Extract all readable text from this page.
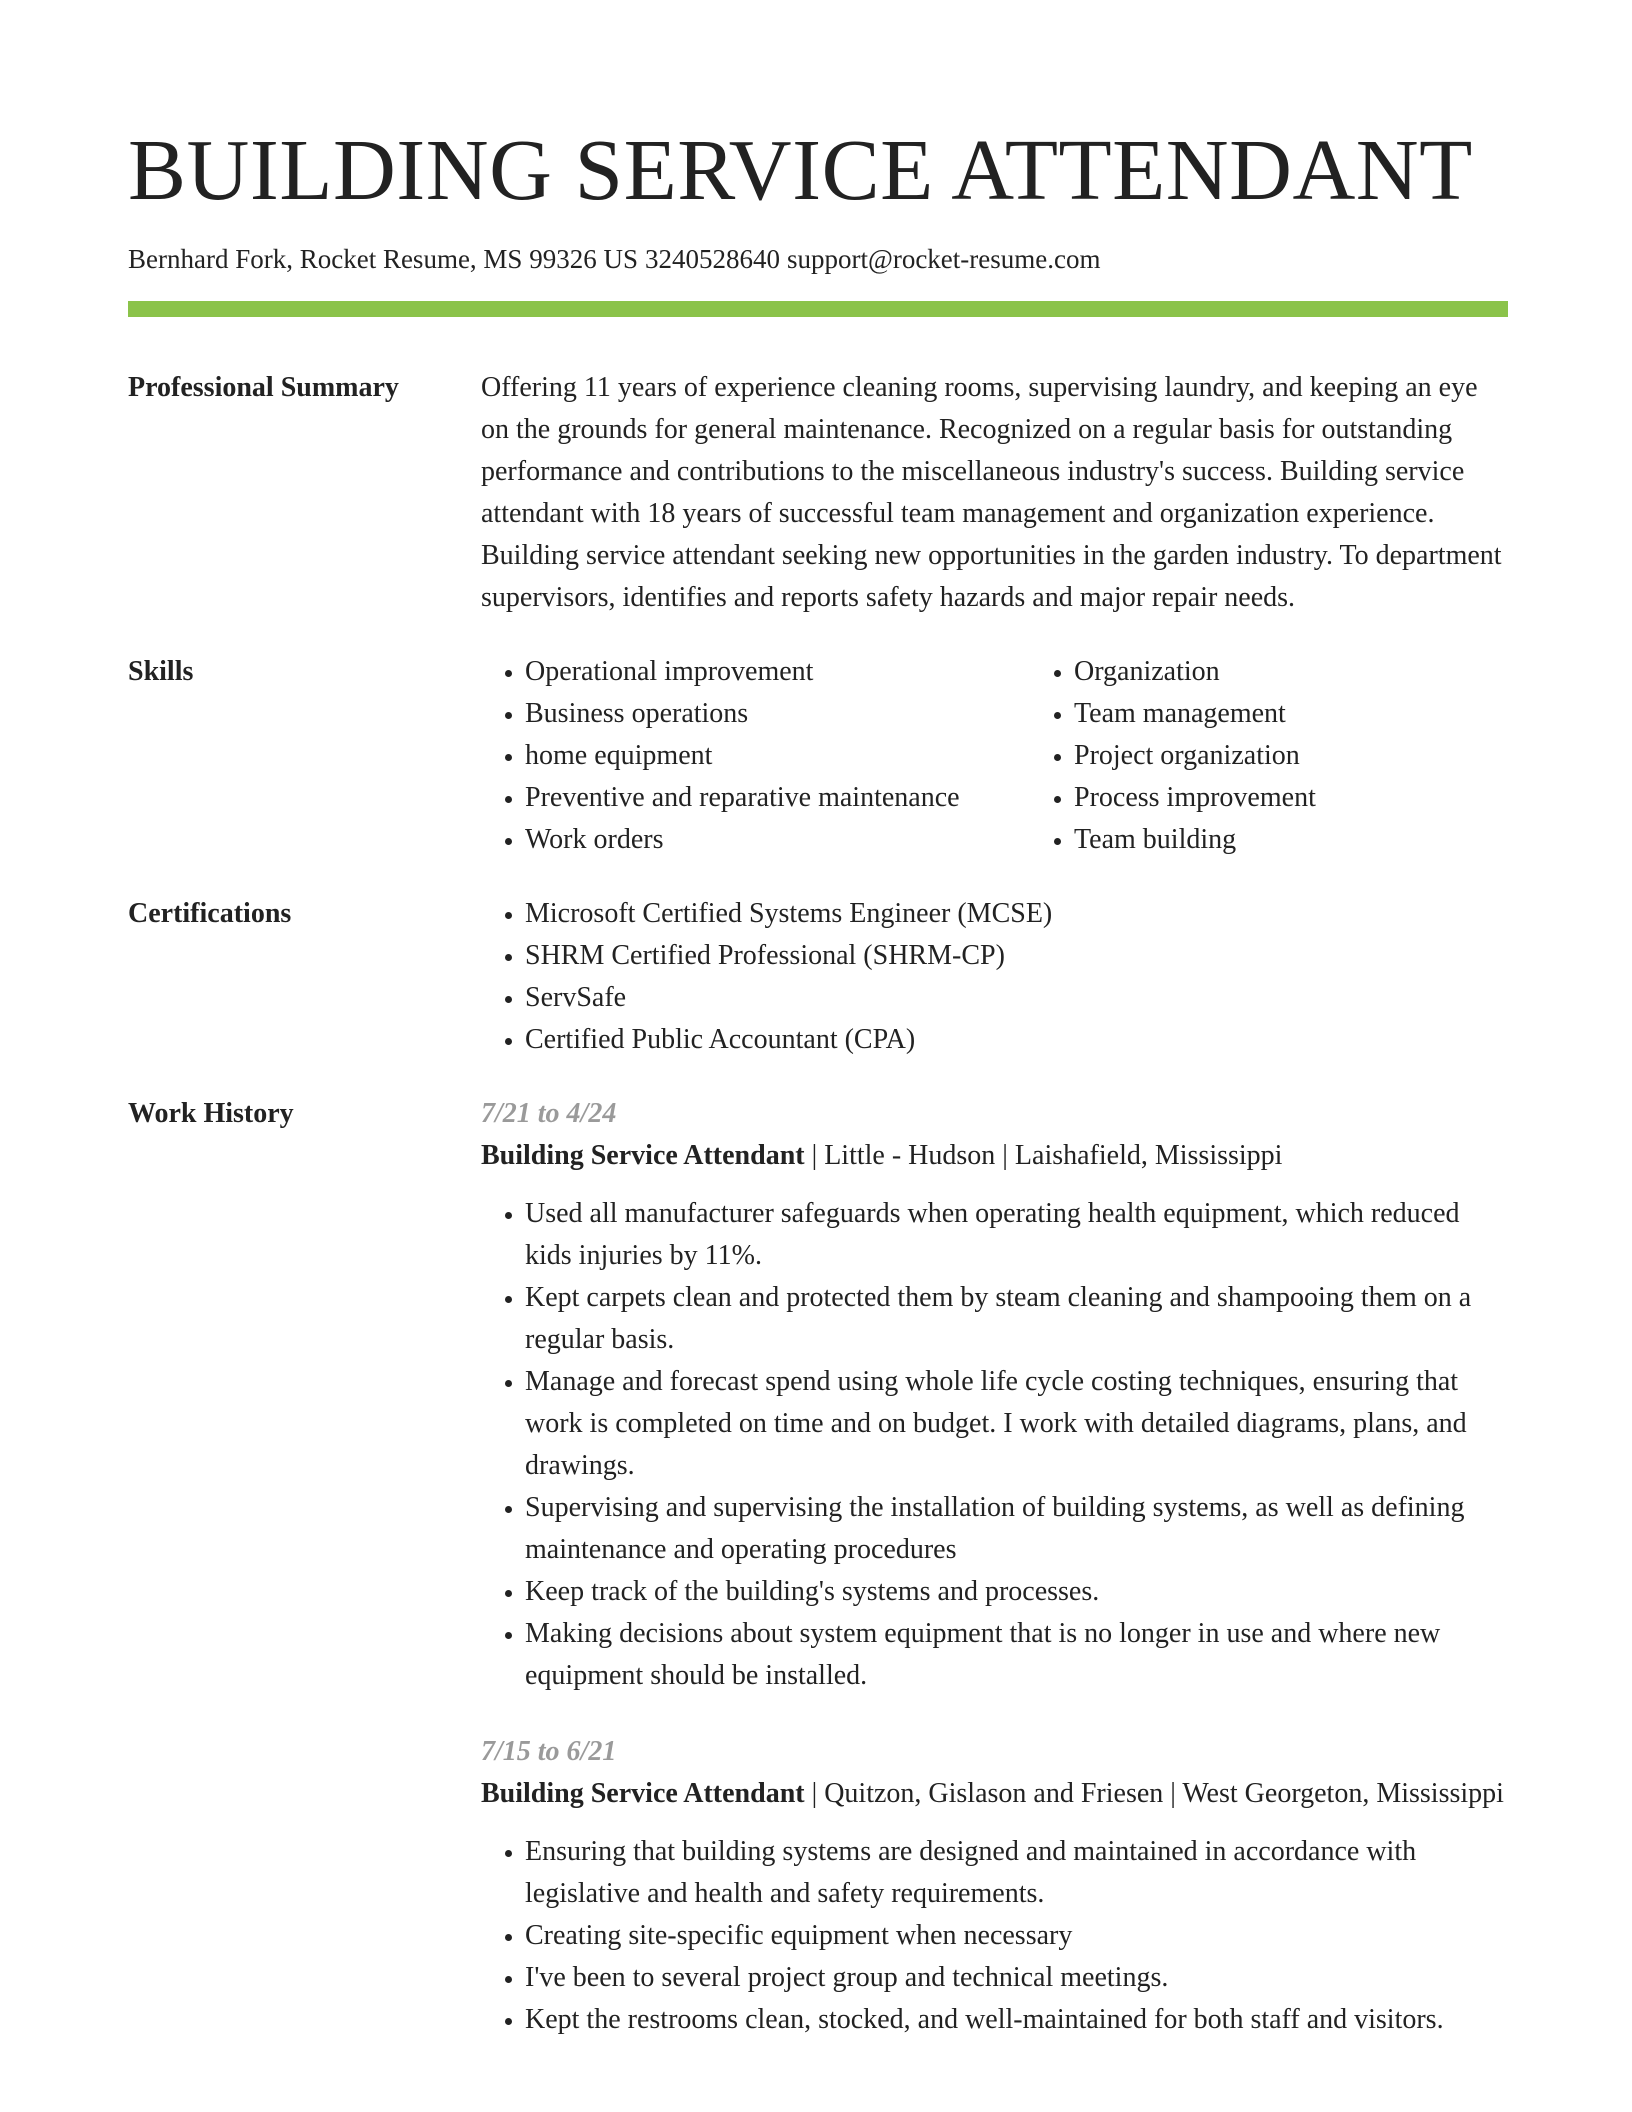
BUILDING SERVICE ATTENDANT
Bernhard Fork, Rocket Resume, MS 99326 US 3240528640 support@rocket-resume.com
Professional Summary	Offering 11 years of experience cleaning rooms, supervising laundry, and keeping an eye on the grounds for general maintenance. Recognized on a regular basis for outstanding performance and contributions to the miscellaneous industry's success. Building service attendant with 18 years of successful team management and organization experience. Building service attendant seeking new opportunities in the garden industry. To department supervisors, identifies and reports safety hazards and major repair needs.

Skills	• Operational improvement
• Business operations
• home equipment
• Preventive and reparative maintenance
• Work orders
• Organization
• Team management
• Project organization
• Process improvement
• Team building
Certifications	• Microsoft Certified Systems Engineer (MCSE)
• SHRM Certified Professional (SHRM-CP)
• ServSafe
• Certified Public Accountant (CPA)
Work History	7/21 to 4/24
Building Service Attendant | Little - Hudson | Laishafield, Mississippi
• Used all manufacturer safeguards when operating health equipment, which reduced kids injuries by 11%.
• Kept carpets clean and protected them by steam cleaning and shampooing them on a regular basis.
• Manage and forecast spend using whole life cycle costing techniques, ensuring that work is completed on time and on budget. I work with detailed diagrams, plans, and drawings.
• Supervising and supervising the installation of building systems, as well as defining maintenance and operating procedures
• Keep track of the building's systems and processes.
• Making decisions about system equipment that is no longer in use and where new equipment should be installed.
7/15 to 6/21
Building Service Attendant | Quitzon, Gislason and Friesen | West Georgeton, Mississippi
• Ensuring that building systems are designed and maintained in accordance with legislative and health and safety requirements.
• Creating site-specific equipment when necessary
• I've been to several project group and technical meetings.
• Kept the restrooms clean, stocked, and well-maintained for both staff and visitors.
